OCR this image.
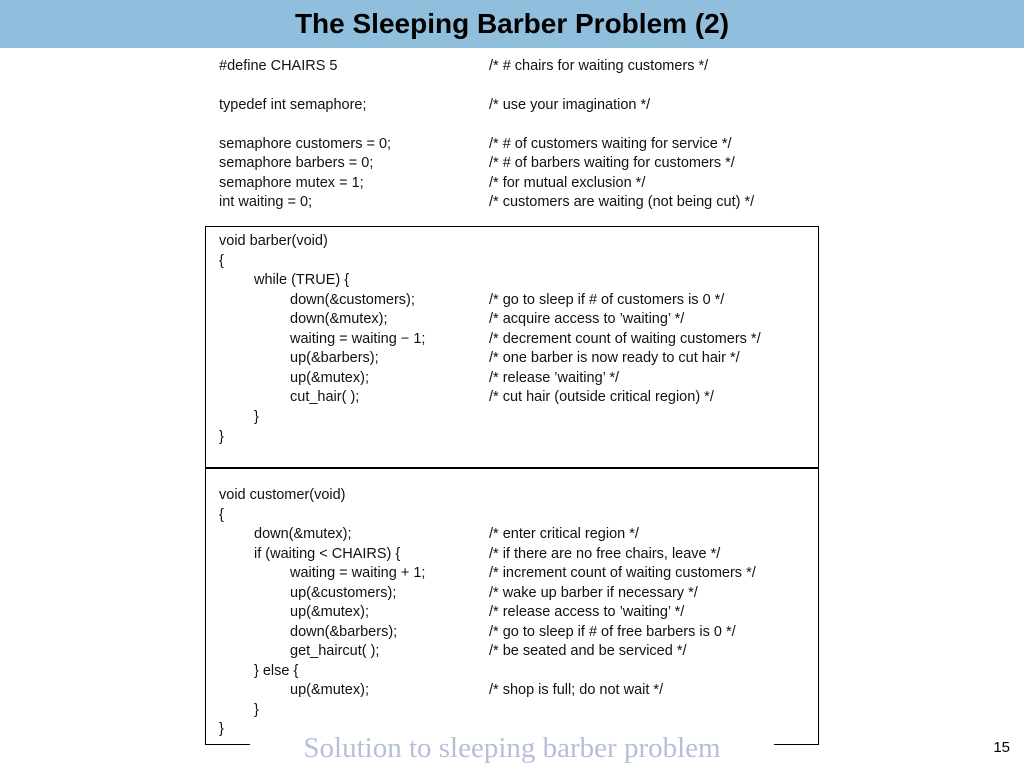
The Sleeping Barber Problem (2)
#define CHAIRS 5	/* # chairs for waiting customers */
typedef int semaphore;	/* use your imagination */
semaphore customers = 0;	/* # of customers waiting for service */
semaphore barbers = 0;	/* # of barbers waiting for customers */
semaphore mutex = 1;	/* for mutual exclusion */
int waiting = 0;	/* customers are waiting (not being cut) */
void barber(void)
{
while (TRUE) {
down(&customers);	/* go to sleep if # of customers is 0 */
down(&mutex);	/* acquire access to ’waiting’ */
waiting = waiting − 1;	/* decrement count of waiting customers */
up(&barbers);	/* one barber is now ready to cut hair */
up(&mutex);	/* release ’waiting’ */
cut_hair( );	/* cut hair (outside critical region) */
}
}
void customer(void)
{
down(&mutex);	/* enter critical region */
if (waiting < CHAIRS) {	/* if there are no free chairs, leave */
waiting = waiting + 1;	/* increment count of waiting customers */
up(&customers);	/* wake up barber if necessary */
up(&mutex);	/* release access to ’waiting’ */
down(&barbers);	/* go to sleep if # of free barbers is 0 */
get_haircut( );	/* be seated and be serviced */
} else {
up(&mutex);	/* shop is full; do not wait */
}
}
Solution to sleeping barber problem	15
